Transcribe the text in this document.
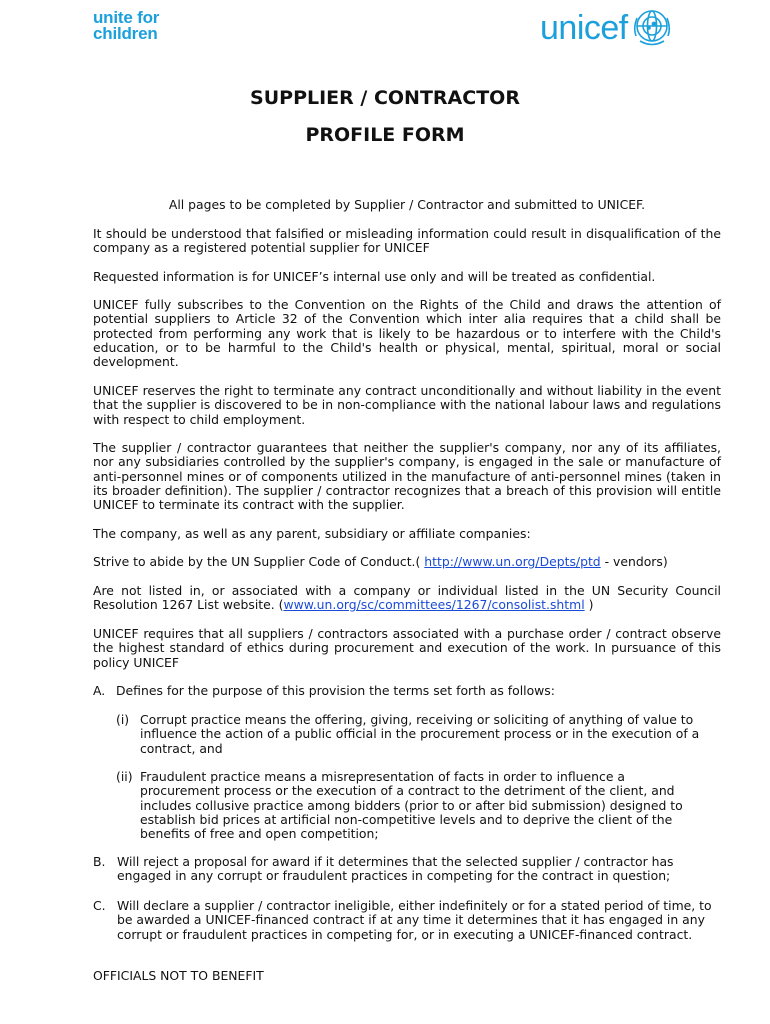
unite for
children	unicef
SUPPLIER / CONTRACTOR
PROFILE FORM

All pages to be completed by Supplier / Contractor and submitted to UNICEF.

It should be understood that falsified or misleading information could result in disqualification of the company as a registered potential supplier for UNICEF

Requested information is for UNICEF’s internal use only and will be treated as confidential.

UNICEF fully subscribes to the Convention on the Rights of the Child and draws the attention of potential suppliers to Article 32 of the Convention which inter alia requires that a child shall be protected from performing any work that is likely to be hazardous or to interfere with the Child's education, or to be harmful to the Child's health or physical, mental, spiritual, moral or social development.

UNICEF reserves the right to terminate any contract unconditionally and without liability in the event that the supplier is discovered to be in non-compliance with the national labour laws and regulations with respect to child employment.

The supplier / contractor guarantees that neither the supplier's company, nor any of its affiliates, nor any subsidiaries controlled by the supplier's company, is engaged in the sale or manufacture of anti-personnel mines or of components utilized in the manufacture of anti-personnel mines (taken in its broader definition). The supplier / contractor recognizes that a breach of this provision will entitle UNICEF to terminate its contract with the supplier.

The company, as well as any parent, subsidiary or affiliate companies:

Strive to abide by the UN Supplier Code of Conduct.( http://www.un.org/Depts/ptd - vendors)

Are not listed in, or associated with a company or individual listed in the UN Security Council Resolution 1267 List website. (www.un.org/sc/committees/1267/consolist.shtml )

UNICEF requires that all suppliers / contractors associated with a purchase order / contract observe the highest standard of ethics during procurement and execution of the work. In pursuance of this policy UNICEF

A. Defines for the purpose of this provision the terms set forth as follows:
(i) Corrupt practice means the offering, giving, receiving or soliciting of anything of value to influence the action of a public official in the procurement process or in the execution of a contract, and
(ii) Fraudulent practice means a misrepresentation of facts in order to influence a procurement process or the execution of a contract to the detriment of the client, and includes collusive practice among bidders (prior to or after bid submission) designed to establish bid prices at artificial non-competitive levels and to deprive the client of the benefits of free and open competition;
B. Will reject a proposal for award if it determines that the selected supplier / contractor has engaged in any corrupt or fraudulent practices in competing for the contract in question;
C. Will declare a supplier / contractor ineligible, either indefinitely or for a stated period of time, to be awarded a UNICEF-financed contract if at any time it determines that it has engaged in any corrupt or fraudulent practices in competing for, or in executing a UNICEF-financed contract.

OFFICIALS NOT TO BENEFIT
